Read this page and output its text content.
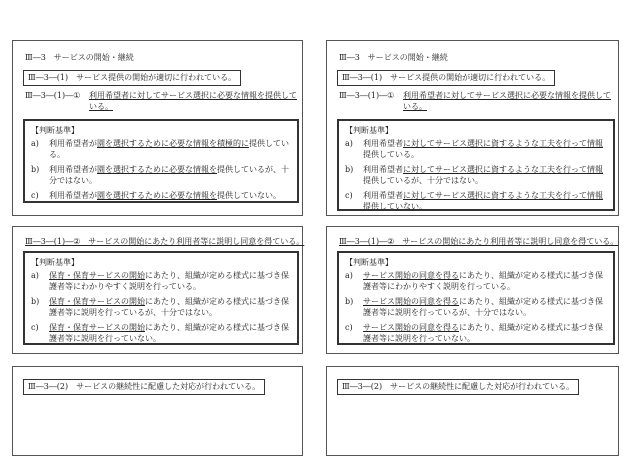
Ⅲ―3　サービスの開始・継続
Ⅲ―3―(1)　サービス提供の開始が適切に行われている。
Ⅲ―3―(1)―① 利用希望者に対してサービス選択に必要な情報を提供している。
【判断基準】
a) 利用希望者が園を選択するために必要な情報を積極的に提供している。
b) 利用希望者が園を選択するために必要な情報を提供しているが、十分ではない。
c) 利用希望者が園を選択するために必要な情報を提供していない。
Ⅲ―3　サービスの開始・継続
Ⅲ―3―(1)　サービス提供の開始が適切に行われている。
Ⅲ―3―(1)―① 利用希望者に対してサービス選択に必要な情報を提供している。
【判断基準】
a) 利用希望者に対してサービス選択に資するような工夫を行って情報提供している。
b) 利用希望者に対してサービス選択に資するような工夫を行って情報提供しているが、十分ではない。
c) 利用希望者に対してサービス選択に資するような工夫を行って情報提供していない。
Ⅲ―3―(1)―②　サービスの開始にあたり利用者等に説明し同意を得ている。
【判断基準】
a) 保育・保育サービスの開始にあたり、組織が定める様式に基づき保護者等にわかりやすく説明を行っている。
b) 保育・保育サービスの開始にあたり、組織が定める様式に基づき保護者等に説明を行っているが、十分ではない。
c) 保育・保育サービスの開始にあたり、組織が定める様式に基づき保護者等に説明を行っていない。
Ⅲ―3―(1)―②　サービスの開始にあたり利用者等に説明し同意を得ている。
【判断基準】
a) サービス開始の同意を得るにあたり、組織が定める様式に基づき保護者等にわかりやすく説明を行っている。
b) サービス開始の同意を得るにあたり、組織が定める様式に基づき保護者等に説明を行っているが、十分ではない。
c) サービス開始の同意を得るにあたり、組織が定める様式に基づき保護者等に説明を行っていない。
Ⅲ―3―(2)　サービスの継続性に配慮した対応が行われている。	Ⅲ―3―(2)　サービスの継続性に配慮した対応が行われている。
